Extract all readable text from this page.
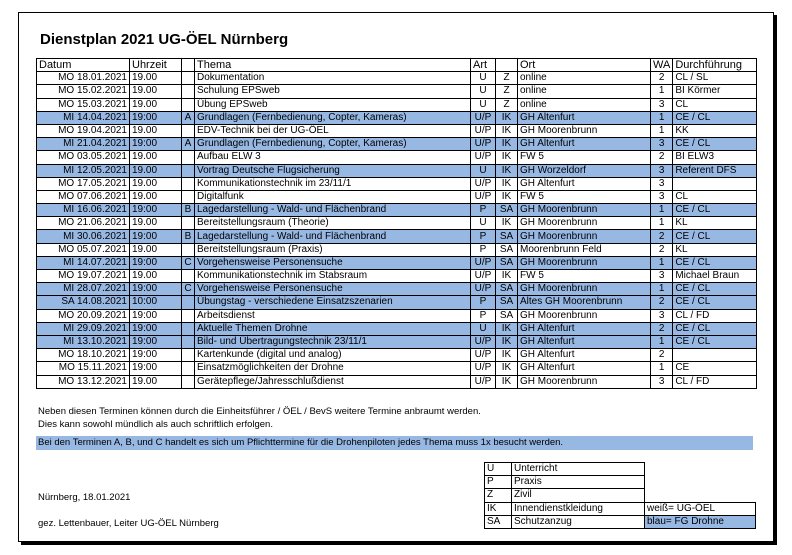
Dienstplan 2021 UG-ÖEL Nürnberg
Datum	Uhrzeit		Thema	Art		Ort	WA	Durchführung
MO 18.01.2021	19.00		Dokumentation	U	Z	online	2	CL / SL
MO 15.02.2021	19.00		Schulung EPSweb	U	Z	online	1	BI Körmer
MO 15.03.2021	19.00		Übung EPSweb	U	Z	online	3	CL
MI 14.04.2021	19:00	A	Grundlagen (Fernbedienung, Copter, Kameras)	U/P	IK	GH Altenfurt	1	CE / CL
MO 19.04.2021	19.00		EDV-Technik bei der UG-ÖEL	U/P	IK	GH Moorenbrunn	1	KK
MI 21.04.2021	19:00	A	Grundlagen (Fernbedienung, Copter, Kameras)	U/P	IK	GH Altenfurt	3	CE / CL
MO 03.05.2021	19.00		Aufbau ELW 3	U/P	IK	FW 5	2	BI ELW3
MI 12.05.2021	19.00		Vortrag Deutsche Flugsicherung	U	IK	GH Worzeldorf	3	Referent DFS
MO 17.05.2021	19.00		Kommunikationstechnik im 23/11/1	U/P	IK	GH Altenfurt	3	
MO 07.06.2021	19.00		Digitalfunk	U/P	IK	FW 5	3	CL
MI 16.06.2021	19:00	B	Lagedarstellung - Wald- und Flächenbrand	P	SA	GH Moorenbrunn	1	CE / CL
MO 21.06.2021	19.00		Bereitstellungsraum (Theorie)	U	IK	GH Moorenbrunn	1	KL
MI 30.06.2021	19:00	B	Lagedarstellung - Wald- und Flächenbrand	P	SA	GH Moorenbrunn	2	CE / CL
MO 05.07.2021	19.00		Bereitstellungsraum (Praxis)	P	SA	Moorenbrunn Feld	2	KL
MI 14.07.2021	19:00	C	Vorgehensweise Personensuche	U/P	SA	GH Moorenbrunn	1	CE / CL
MO 19.07.2021	19.00		Kommunikationstechnik im Stabsraum	U/P	IK	FW 5	3	Michael Braun
MI 28.07.2021	19:00	C	Vorgehensweise Personensuche	U/P	SA	GH Moorenbrunn	1	CE / CL
SA 14.08.2021	10:00		Übungstag - verschiedene Einsatzszenarien	P	SA	Altes GH Moorenbrunn	2	CE / CL
MO 20.09.2021	19:00		Arbeitsdienst	P	SA	GH Moorenbrunn	3	CL / FD
MI 29.09.2021	19:00		Aktuelle Themen Drohne	U	IK	GH Altenfurt	2	CE / CL
MI 13.10.2021	19:00		Bild- und Übertragungstechnik 23/11/1	U/P	IK	GH Altenfurt	1	CE / CL
MO 18.10.2021	19:00		Kartenkunde (digital und analog)	U/P	IK	GH Altenfurt	2	
MO 15.11.2021	19:00		Einsatzmöglichkeiten der Drohne	U/P	IK	GH Altenfurt	1	CE
MO 13.12.2021	19.00		Gerätepflege/Jahresschlußdienst	U/P	IK	GH Moorenbrunn	3	CL / FD
Neben diesen Terminen können durch die Einheitsführer / ÖEL / BevS weitere Termine anbraumt werden.
Dies kann sowohl mündlich als auch schriftlich erfolgen.
Bei den Terminen A, B, und C handelt es sich um Pflichttermine für die Drohenpiloten jedes Thema muss 1x besucht werden.
Nürnberg, 18.01.2021
gez. Lettenbauer, Leiter UG-ÖEL Nürnberg
U	Unterricht	
P	Praxis	
Z	Zivil	
IK	Innendienstkleidung	weiß= UG-ÖEL
SA	Schutzanzug	blau= FG Drohne
